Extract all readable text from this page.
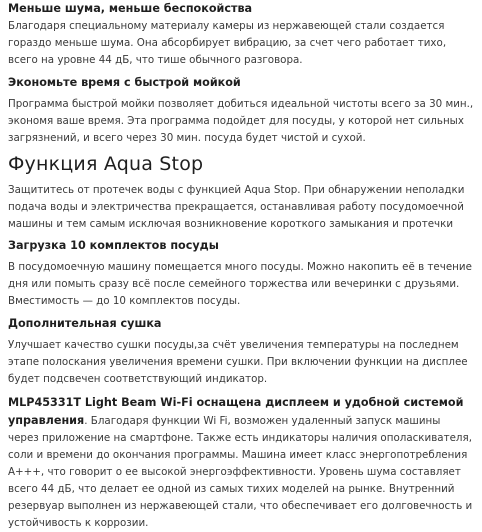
Меньше шума, меньше беспокойства

Благодаря специальному материалу камеры из нержавеющей стали создается гораздо меньше шума. Она абсорбирует вибрацию, за счет чего работает тихо, всего на уровне 44 дБ, что тише обычного разговора.

Экономьте время с быстрой мойкой

Программа быстрой мойки позволяет добиться идеальной чистоты всего за 30 мин., экономя ваше время. Эта программа подойдет для посуды, у которой нет сильных загрязнений, и всего через 30 мин. посуда будет чистой и сухой.

Функция Aqua Stop

Защититесь от протечек воды с функцией Aqua Stop. При обнаружении неполадки подача воды и электричества прекращается, останавливая работу посудомоечной машины и тем самым исключая возникновение короткого замыкания и протечки

Загрузка 10 комплектов посуды

В посудомоечную машину помещается много посуды. Можно накопить её в течение дня или помыть сразу всё после семейного торжества или вечеринки с друзьями. Вместимость — до 10 комплектов посуды.

Дополнительная сушка

Улучшает качество сушки посуды,за счёт увеличения температуры на последнем этапе полоскания увеличения времени сушки. При включении функции на дисплее будет подсвечен соответствующий индикатор.

MLP45331T Light Beam Wi-Fi оснащена дисплеем и удобной системой управления. Благодаря функции Wi Fi, возможен удаленный запуск машины через приложение на смартфоне. Также есть индикаторы наличия ополаскивателя, соли и времени до окончания программы. Машина имеет класс энергопотребления А+++, что говорит о ее высокой энергоэффективности. Уровень шума составляет всего 44 дБ, что делает ее одной из самых тихих моделей на рынке. Внутренний резервуар выполнен из нержавеющей стали, что обеспечивает его долговечность и устойчивость к коррозии.
